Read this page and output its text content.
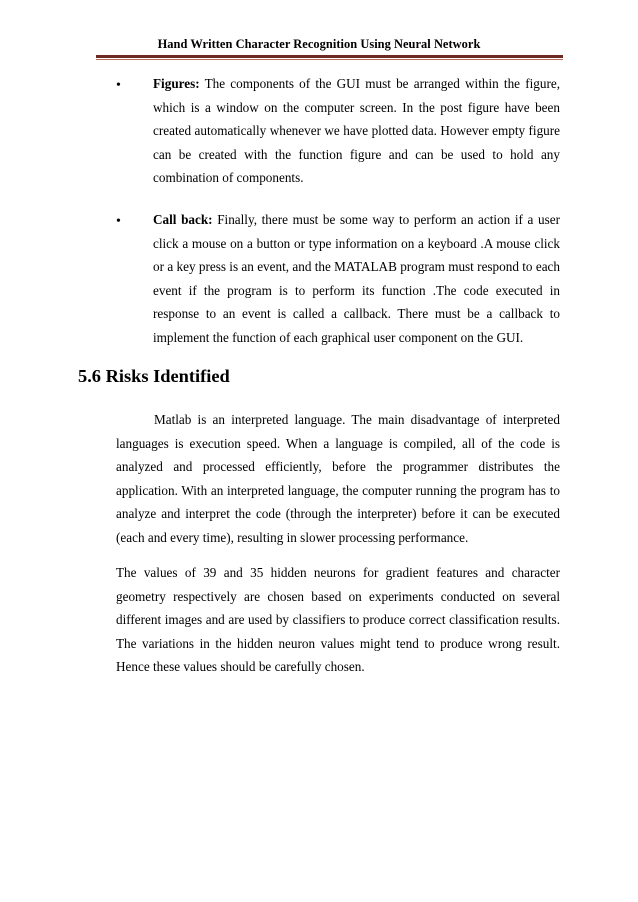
Hand Written Character Recognition Using Neural Network
• Figures: The components of the GUI must be arranged within the figure, which is a window on the computer screen. In the post figure have been created automatically whenever we have plotted data. However empty figure can be created with the function figure and can be used to hold any combination of components.
• Call back: Finally, there must be some way to perform an action if a user click a mouse on a button or type information on a keyboard .A mouse click or a key press is an event, and the MATALAB program must respond to each event if the program is to perform its function .The code executed in response to an event is called a callback. There must be a callback to implement the function of each graphical user component on the GUI.
5.6 Risks Identified

Matlab is an interpreted language. The main disadvantage of interpreted languages is execution speed. When a language is compiled, all of the code is analyzed and processed efficiently, before the programmer distributes the application. With an interpreted language, the computer running the program has to analyze and interpret the code (through the interpreter) before it can be executed (each and every time), resulting in slower processing performance.

The values of 39 and 35 hidden neurons for gradient features and character geometry respectively are chosen based on experiments conducted on several different images and are used by classifiers to produce correct classification results. The variations in the hidden neuron values might tend to produce wrong result. Hence these values should be carefully chosen.
